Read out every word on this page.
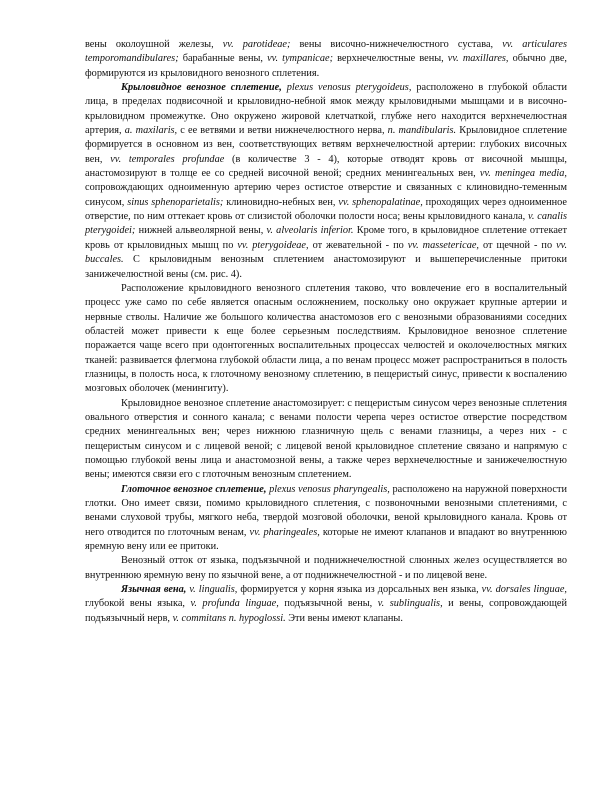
вены околоушной железы, vv. parotideae; вены височно-нижнечелюстного сустава, vv. articulares temporomandibulares; барабанные вены, vv. tympanicae; верхнечелюстные вены, vv. maxillares, обычно две, формируются из крыловидного венозного сплетения.

Крыловидное венозное сплетение, plexus venosus pterygoideus, расположено в глубокой области лица, в пределах подвисочной и крыловидно-небной ямок между крыловидными мышцами и в височно-крыловидном промежутке. Оно окружено жировой клетчаткой, глубже него находится верхнечелюстная артерия, a. maxilaris, с ее ветвями и ветви нижнечелюстного нерва, n. mandibularis. Крыловидное сплетение формируется в основном из вен, соответствующих ветвям верхнечелюстной артерии: глубоких височных вен, vv. temporales profundae (в количестве 3 - 4), которые отводят кровь от височной мышцы, анастомозируют в толще ее со средней височной веной; средних менингеальных вен, vv. meningea media, сопровождающих одноименную артерию через остистое отверстие и связанных с клиновидно-теменным синусом, sinus sphenoparietalis; клиновидно-небных вен, vv. sphenopalatinae, проходящих через одноименное отверстие, по ним оттекает кровь от слизистой оболочки полости носа; вены крыловидного канала, v. canalis pterygoidei; нижней альвеолярной вены, v. alveolaris inferior. Кроме того, в крыловидное сплетение оттекает кровь от крыловидных мышц по vv. pterygoideae, от жевательной - по vv. massetericae, от щечной - по vv. buccales. С крыловидным венозным сплетением анастомозируют и вышеперечисленные притоки занижечелюстной вены (см. рис. 4).

Расположение крыловидного венозного сплетения таково, что вовлечение его в воспалительный процесс уже само по себе является опасным осложнением, поскольку оно окружает крупные артерии и нервные стволы. Наличие же большого количества анастомозов его с венозными образованиями соседних областей может привести к еще более серьезным последствиям. Крыловидное венозное сплетение поражается чаще всего при одонтогенных воспалительных процессах челюстей и околочелюстных мягких тканей: развивается флегмона глубокой области лица, а по венам процесс может распространиться в полость глазницы, в полость носа, к глоточному венозному сплетению, в пещеристый синус, привести к воспалению мозговых оболочек (менингиту).

Крыловидное венозное сплетение анастомозирует: с пещеристым синусом через венозные сплетения овального отверстия и сонного канала; с венами полости черепа через остистое отверстие посредством средних менингеальных вен; через нижнюю глазничную щель с венами глазницы, а через них - с пещеристым синусом и с лицевой веной; с лицевой веной крыловидное сплетение связано и напрямую с помощью глубокой вены лица и анастомозной вены, а также через верхнечелюстные и занижечелюстную вены; имеются связи его с глоточным венозным сплетением.

Глоточное венозное сплетение, plexus venosus pharyngealis, расположено на наружной поверхности глотки. Оно имеет связи, помимо крыловидного сплетения, с позвоночными венозными сплетениями, с венами слуховой трубы, мягкого неба, твердой мозговой оболочки, веной крыловидного канала. Кровь от него отводится по глоточным венам, vv. pharingeales, которые не имеют клапанов и впадают во внутреннюю яремную вену или ее притоки.

Венозный отток от языка, подъязычной и поднижнечелюстной слюнных желез осуществляется во внутреннюю яремную вену по язычной вене, а от поднижнечелюстной - и по лицевой вене.

Язычная вена, v. lingualis, формируется у корня языка из дорсальных вен языка, vv. dorsales linguae, глубокой вены языка, v. profunda linguae, подъязычной вены, v. sublingualis, и вены, сопровождающей подъязычный нерв, v. commitans n. hypoglossi. Эти вены имеют клапаны.
